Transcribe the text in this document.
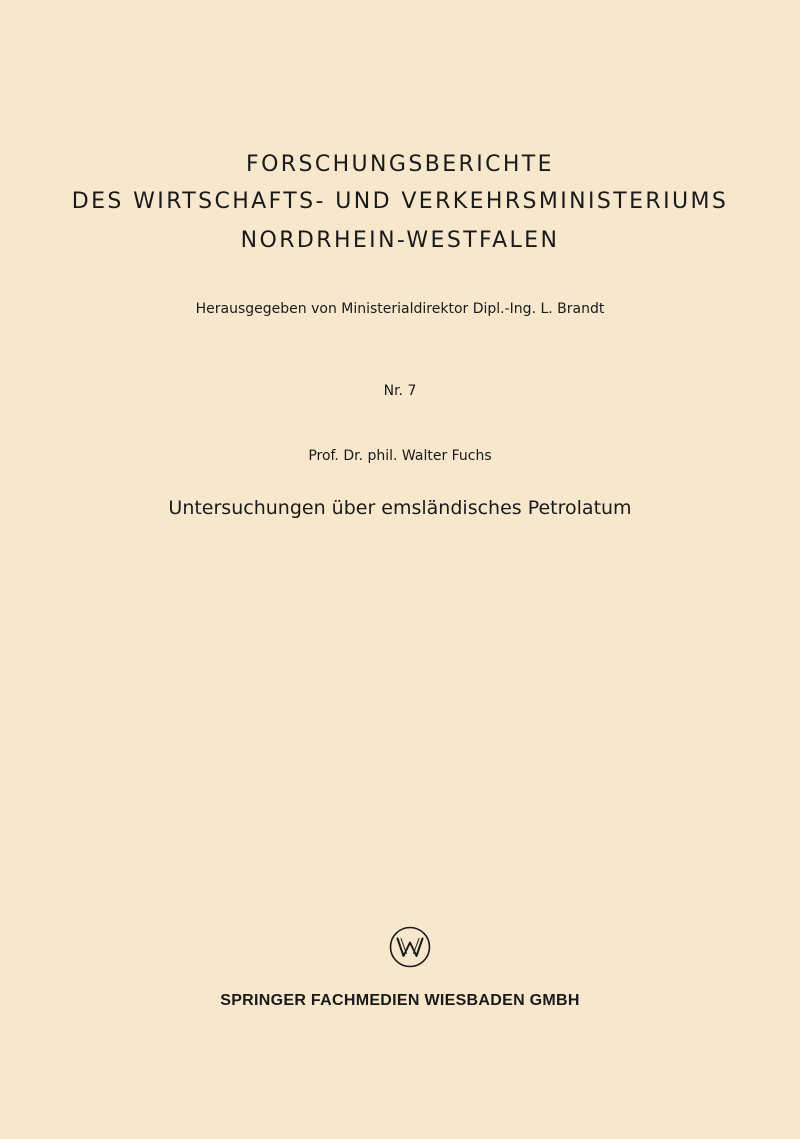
FORSCHUNGSBERICHTE
DES WIRTSCHAFTS- UND VERKEHRSMINISTERIUMS
NORDRHEIN-WESTFALEN
Herausgegeben von Ministerialdirektor Dipl.-Ing. L. Brandt
Nr. 7
Prof. Dr. phil. Walter Fuchs
Untersuchungen über emsländisches Petrolatum
SPRINGER FACHMEDIEN WIESBADEN GMBH
